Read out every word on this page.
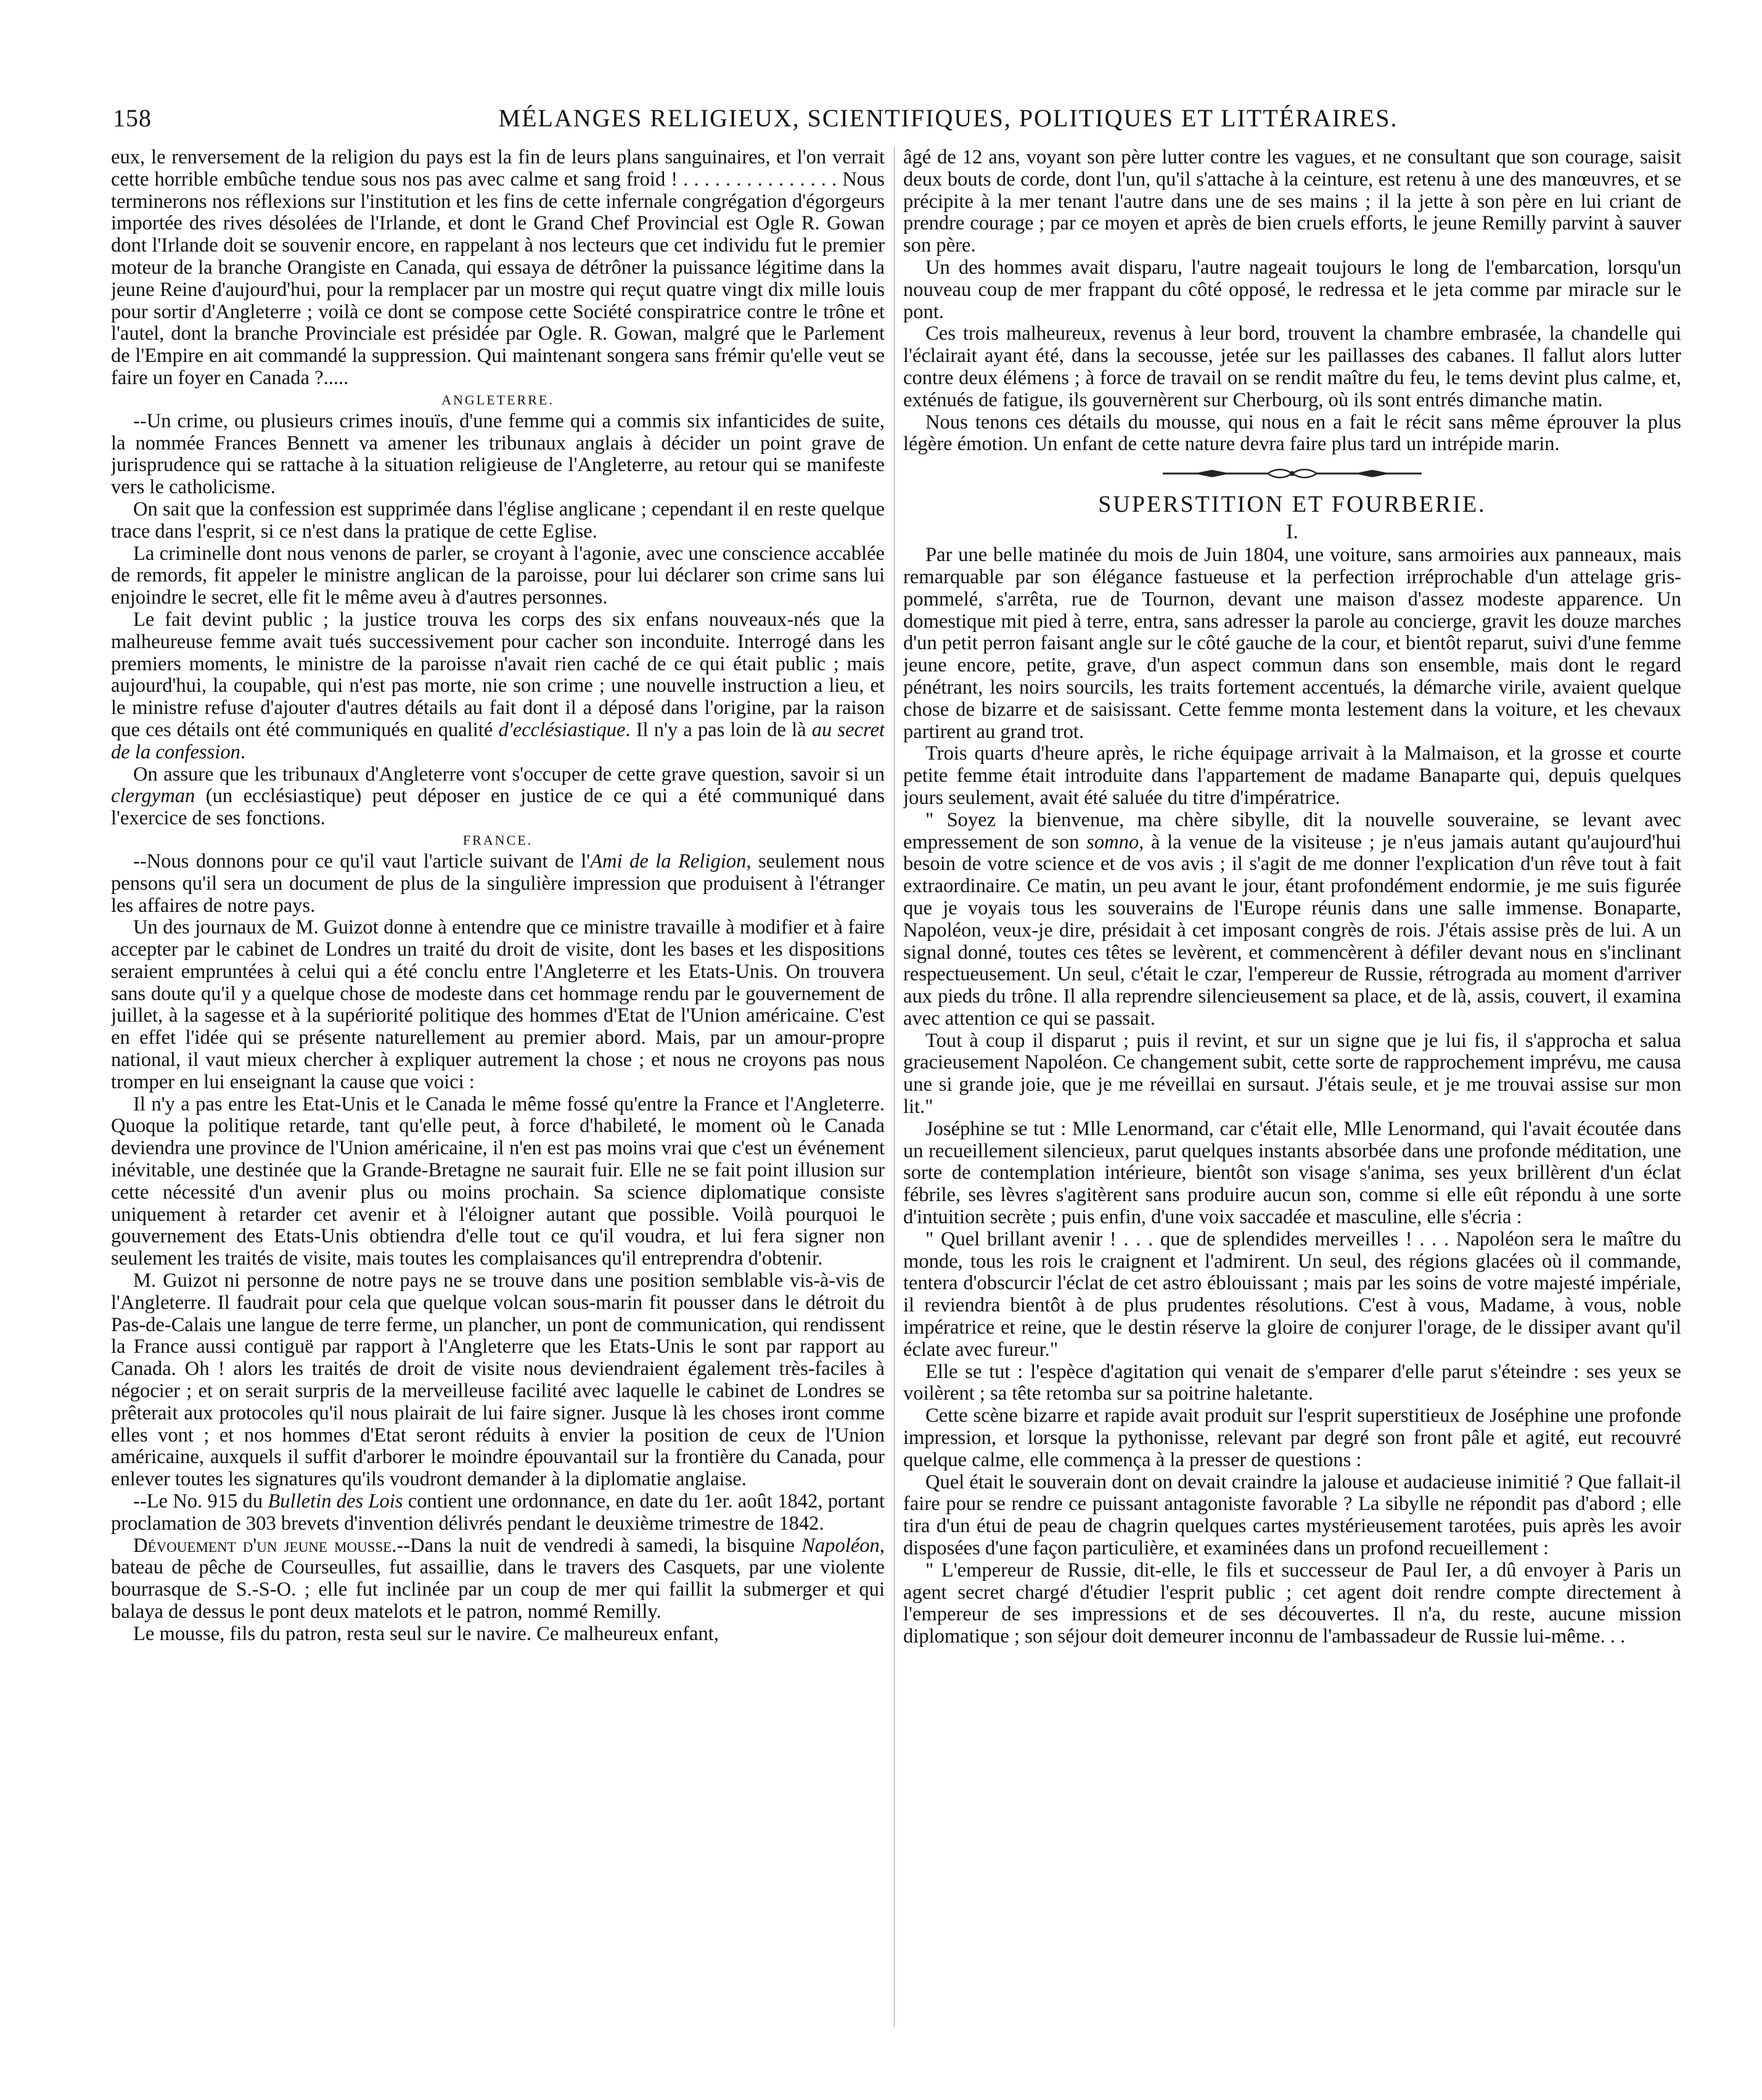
158	MÉLANGES RELIGIEUX, SCIENTIFIQUES, POLITIQUES ET LITTÉRAIRES.

eux, le renversement de la religion du pays est la fin de leurs plans sanguinaires, et l'on verrait cette horrible embûche tendue sous nos pas avec calme et sang froid ! . . . . . . . . . . . . . . . Nous terminerons nos réflexions sur l'institution et les fins de cette infernale congrégation d'égorgeurs importée des rives désolées de l'Irlande, et dont le Grand Chef Provincial est Ogle R. Gowan dont l'Irlande doit se souvenir encore, en rappelant à nos lecteurs que cet individu fut le premier moteur de la branche Orangiste en Canada, qui essaya de détrôner la puissance légitime dans la jeune Reine d'aujourd'hui, pour la remplacer par un mostre qui reçut quatre vingt dix mille louis pour sortir d'Angleterre ; voilà ce dont se compose cette Société conspiratrice contre le trône et l'autel, dont la branche Provinciale est présidée par Ogle. R. Gowan, malgré que le Parlement de l'Empire en ait commandé la suppression. Qui maintenant songera sans frémir qu'elle veut se faire un foyer en Canada ?.....

ANGLETERRE.

--Un crime, ou plusieurs crimes inouïs, d'une femme qui a commis six infanticides de suite, la nommée Frances Bennett va amener les tribunaux anglais à décider un point grave de jurisprudence qui se rattache à la situation religieuse de l'Angleterre, au retour qui se manifeste vers le catholicisme.

On sait que la confession est supprimée dans l'église anglicane ; cependant il en reste quelque trace dans l'esprit, si ce n'est dans la pratique de cette Eglise.

La criminelle dont nous venons de parler, se croyant à l'agonie, avec une conscience accablée de remords, fit appeler le ministre anglican de la paroisse, pour lui déclarer son crime sans lui enjoindre le secret, elle fit le même aveu à d'autres personnes.

Le fait devint public ; la justice trouva les corps des six enfans nouveaux-nés que la malheureuse femme avait tués successivement pour cacher son inconduite. Interrogé dans les premiers moments, le ministre de la paroisse n'avait rien caché de ce qui était public ; mais aujourd'hui, la coupable, qui n'est pas morte, nie son crime ; une nouvelle instruction a lieu, et le ministre refuse d'ajouter d'autres détails au fait dont il a déposé dans l'origine, par la raison que ces détails ont été communiqués en qualité d'ecclésiastique. Il n'y a pas loin de là au secret de la confession.

On assure que les tribunaux d'Angleterre vont s'occuper de cette grave question, savoir si un clergyman (un ecclésiastique) peut déposer en justice de ce qui a été communiqué dans l'exercice de ses fonctions.

FRANCE.

--Nous donnons pour ce qu'il vaut l'article suivant de l'Ami de la Religion, seulement nous pensons qu'il sera un document de plus de la singulière impression que produisent à l'étranger les affaires de notre pays.

Un des journaux de M. Guizot donne à entendre que ce ministre travaille à modifier et à faire accepter par le cabinet de Londres un traité du droit de visite, dont les bases et les dispositions seraient empruntées à celui qui a été conclu entre l'Angleterre et les Etats-Unis. On trouvera sans doute qu'il y a quelque chose de modeste dans cet hommage rendu par le gouvernement de juillet, à la sagesse et à la supériorité politique des hommes d'Etat de l'Union américaine. C'est en effet l'idée qui se présente naturellement au premier abord. Mais, par un amour-propre national, il vaut mieux chercher à expliquer autrement la chose ; et nous ne croyons pas nous tromper en lui enseignant la cause que voici :

Il n'y a pas entre les Etat-Unis et le Canada le même fossé qu'entre la France et l'Angleterre. Quoque la politique retarde, tant qu'elle peut, à force d'habileté, le moment où le Canada deviendra une province de l'Union américaine, il n'en est pas moins vrai que c'est un événement inévitable, une destinée que la Grande-Bretagne ne saurait fuir. Elle ne se fait point illusion sur cette nécessité d'un avenir plus ou moins prochain. Sa science diplomatique consiste uniquement à retarder cet avenir et à l'éloigner autant que possible. Voilà pourquoi le gouvernement des Etats-Unis obtiendra d'elle tout ce qu'il voudra, et lui fera signer non seulement les traités de visite, mais toutes les complaisances qu'il entreprendra d'obtenir.

M. Guizot ni personne de notre pays ne se trouve dans une position semblable vis-à-vis de l'Angleterre. Il faudrait pour cela que quelque volcan sous-marin fit pousser dans le détroit du Pas-de-Calais une langue de terre ferme, un plancher, un pont de communication, qui rendissent la France aussi contiguë par rapport à l'Angleterre que les Etats-Unis le sont par rapport au Canada. Oh ! alors les traités de droit de visite nous deviendraient également très-faciles à négocier ; et on serait surpris de la merveilleuse facilité avec laquelle le cabinet de Londres se prêterait aux protocoles qu'il nous plairait de lui faire signer. Jusque là les choses iront comme elles vont ; et nos hommes d'Etat seront réduits à envier la position de ceux de l'Union américaine, auxquels il suffit d'arborer le moindre épouvantail sur la frontière du Canada, pour enlever toutes les signatures qu'ils voudront demander à la diplomatie anglaise.

--Le No. 915 du Bulletin des Lois contient une ordonnance, en date du 1er. août 1842, portant proclamation de 303 brevets d'invention délivrés pendant le deuxième trimestre de 1842.

Dévouement d'un jeune mousse.--Dans la nuit de vendredi à samedi, la bisquine Napoléon, bateau de pêche de Courseulles, fut assaillie, dans le travers des Casquets, par une violente bourrasque de S.-S-O. ; elle fut inclinée par un coup de mer qui faillit la submerger et qui balaya de dessus le pont deux matelots et le patron, nommé Remilly.

Le mousse, fils du patron, resta seul sur le navire. Ce malheureux enfant,

âgé de 12 ans, voyant son père lutter contre les vagues, et ne consultant que son courage, saisit deux bouts de corde, dont l'un, qu'il s'attache à la ceinture, est retenu à une des manœuvres, et se précipite à la mer tenant l'autre dans une de ses mains ; il la jette à son père en lui criant de prendre courage ; par ce moyen et après de bien cruels efforts, le jeune Remilly parvint à sauver son père.

Un des hommes avait disparu, l'autre nageait toujours le long de l'embarcation, lorsqu'un nouveau coup de mer frappant du côté opposé, le redressa et le jeta comme par miracle sur le pont.

Ces trois malheureux, revenus à leur bord, trouvent la chambre embrasée, la chandelle qui l'éclairait ayant été, dans la secousse, jetée sur les paillasses des cabanes. Il fallut alors lutter contre deux élémens ; à force de travail on se rendit maître du feu, le tems devint plus calme, et, exténués de fatigue, ils gouvernèrent sur Cherbourg, où ils sont entrés dimanche matin.

Nous tenons ces détails du mousse, qui nous en a fait le récit sans même éprouver la plus légère émotion. Un enfant de cette nature devra faire plus tard un intrépide marin.

SUPERSTITION ET FOURBERIE.

I.

Par une belle matinée du mois de Juin 1804, une voiture, sans armoiries aux panneaux, mais remarquable par son élégance fastueuse et la perfection irréprochable d'un attelage gris-pommelé, s'arrêta, rue de Tournon, devant une maison d'assez modeste apparence. Un domestique mit pied à terre, entra, sans adresser la parole au concierge, gravit les douze marches d'un petit perron faisant angle sur le côté gauche de la cour, et bientôt reparut, suivi d'une femme jeune encore, petite, grave, d'un aspect commun dans son ensemble, mais dont le regard pénétrant, les noirs sourcils, les traits fortement accentués, la démarche virile, avaient quelque chose de bizarre et de saisissant. Cette femme monta lestement dans la voiture, et les chevaux partirent au grand trot.

Trois quarts d'heure après, le riche équipage arrivait à la Malmaison, et la grosse et courte petite femme était introduite dans l'appartement de madame Banaparte qui, depuis quelques jours seulement, avait été saluée du titre d'impératrice.

" Soyez la bienvenue, ma chère sibylle, dit la nouvelle souveraine, se levant avec empressement de son somno, à la venue de la visiteuse ; je n'eus jamais autant qu'aujourd'hui besoin de votre science et de vos avis ; il s'agit de me donner l'explication d'un rêve tout à fait extraordinaire. Ce matin, un peu avant le jour, étant profondément endormie, je me suis figurée que je voyais tous les souverains de l'Europe réunis dans une salle immense. Bonaparte, Napoléon, veux-je dire, présidait à cet imposant congrès de rois. J'étais assise près de lui. A un signal donné, toutes ces têtes se levèrent, et commencèrent à défiler devant nous en s'inclinant respectueusement. Un seul, c'était le czar, l'empereur de Russie, rétrograda au moment d'arriver aux pieds du trône. Il alla reprendre silencieusement sa place, et de là, assis, couvert, il examina avec attention ce qui se passait.

Tout à coup il disparut ; puis il revint, et sur un signe que je lui fis, il s'approcha et salua gracieusement Napoléon. Ce changement subit, cette sorte de rapprochement imprévu, me causa une si grande joie, que je me réveillai en sursaut. J'étais seule, et je me trouvai assise sur mon lit."

Joséphine se tut : Mlle Lenormand, car c'était elle, Mlle Lenormand, qui l'avait écoutée dans un recueillement silencieux, parut quelques instants absorbée dans une profonde méditation, une sorte de contemplation intérieure, bientôt son visage s'anima, ses yeux brillèrent d'un éclat fébrile, ses lèvres s'agitèrent sans produire aucun son, comme si elle eût répondu à une sorte d'intuition secrète ; puis enfin, d'une voix saccadée et masculine, elle s'écria :

" Quel brillant avenir ! . . . que de splendides merveilles ! . . . Napoléon sera le maître du monde, tous les rois le craignent et l'admirent. Un seul, des régions glacées où il commande, tentera d'obscurcir l'éclat de cet astro éblouissant ; mais par les soins de votre majesté impériale, il reviendra bientôt à de plus prudentes résolutions. C'est à vous, Madame, à vous, noble impératrice et reine, que le destin réserve la gloire de conjurer l'orage, de le dissiper avant qu'il éclate avec fureur."

Elle se tut : l'espèce d'agitation qui venait de s'emparer d'elle parut s'éteindre : ses yeux se voilèrent ; sa tête retomba sur sa poitrine haletante.

Cette scène bizarre et rapide avait produit sur l'esprit superstitieux de Joséphine une profonde impression, et lorsque la pythonisse, relevant par degré son front pâle et agité, eut recouvré quelque calme, elle commença à la presser de questions :

Quel était le souverain dont on devait craindre la jalouse et audacieuse inimitié ? Que fallait-il faire pour se rendre ce puissant antagoniste favorable ? La sibylle ne répondit pas d'abord ; elle tira d'un étui de peau de chagrin quelques cartes mystérieusement tarotées, puis après les avoir disposées d'une façon particulière, et examinées dans un profond recueillement :

" L'empereur de Russie, dit-elle, le fils et successeur de Paul Ier, a dû envoyer à Paris un agent secret chargé d'étudier l'esprit public ; cet agent doit rendre compte directement à l'empereur de ses impressions et de ses découvertes. Il n'a, du reste, aucune mission diplomatique ; son séjour doit demeurer inconnu de l'ambassadeur de Russie lui-même. . .
